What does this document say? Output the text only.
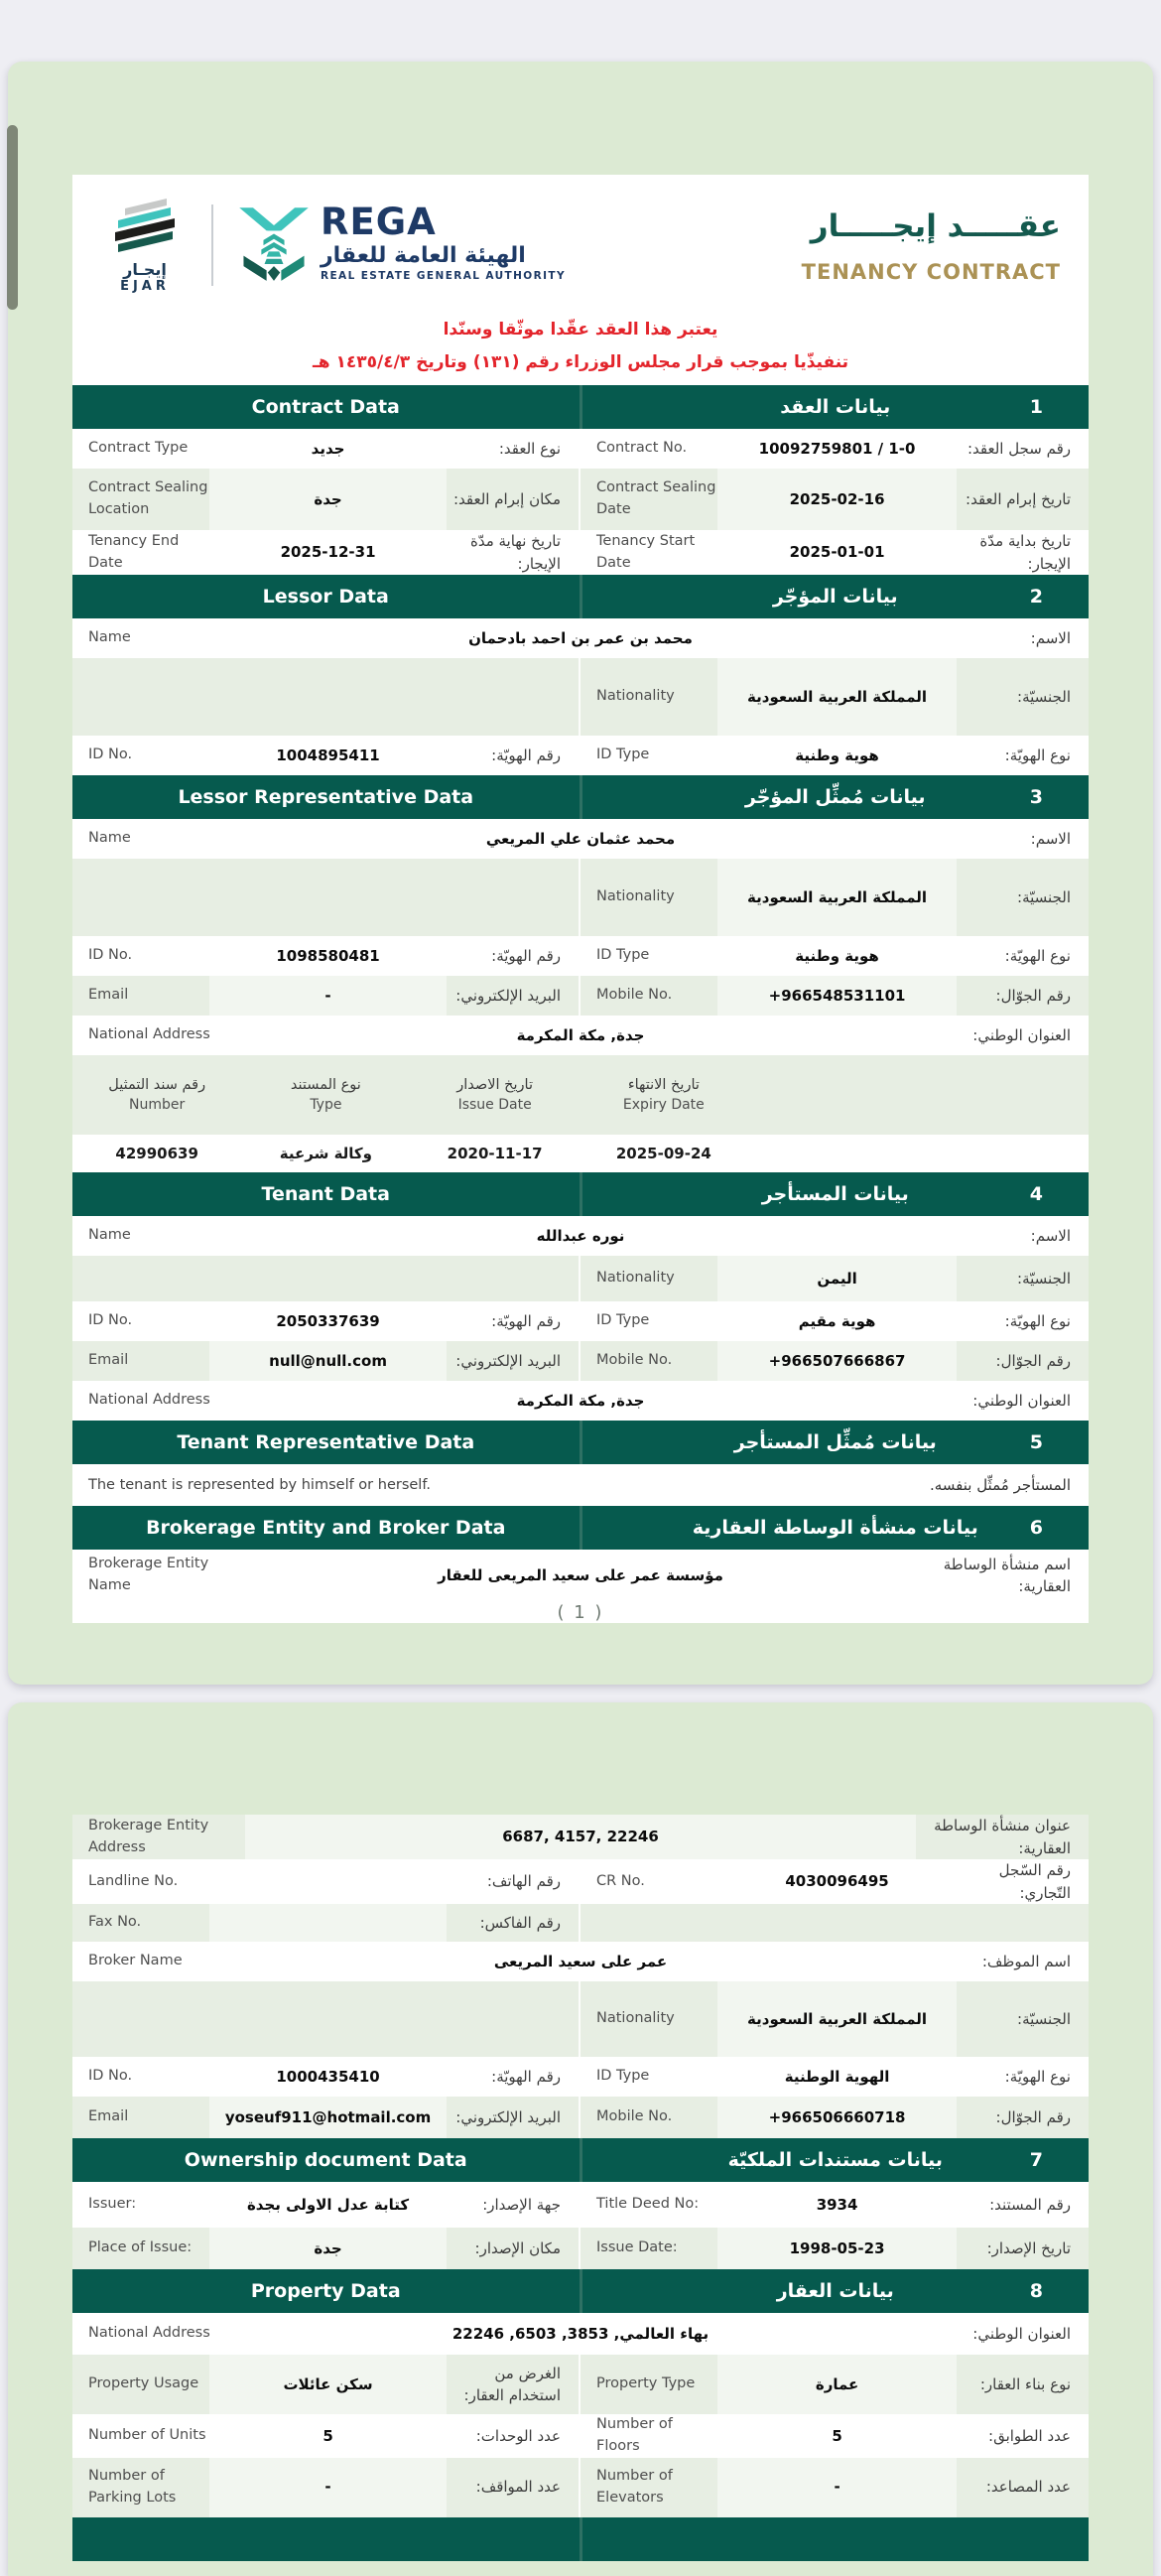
إيجـار
EJAR
REGA
الهيئة العامة للعقار
REAL ESTATE GENERAL AUTHORITY
عقـــــد إيجـــــار
TENANCY CONTRACT
يعتبر هذا العقد عقّدا موثّقا وسنّدا
تنفيذّيا بموجب قرار مجلس الوزراء رقم (١٣١) وتاريخ ١٤٣٥/٤/٣ هـ
1
بيانات العقد
Contract Data
رقم سجل العقد:
10092759801 / 1-0
Contract No.
نوع العقد:
جديد
Contract Type
تاريخ إبرام العقد:
2025-02-16
Contract Sealing Date
مكان إبرام العقد:
جدة
Contract Sealing Location
تاريخ بداية مدّة الإيجار:
2025-01-01
Tenancy Start Date
تاريخ نهاية مدّة الإيجار:
2025-12-31
Tenancy End Date
2
بيانات المؤجّر
Lessor Data
الاسم:
محمد بن عمر بن احمد بادحمان
Name
الجنسيّة:
المملكة العربية السعودية
Nationality
نوع الهويّة:
هوية وطنية
ID Type
رقم الهويّة:
1004895411
ID No.
3
بيانات مُمثِّل المؤجّر
Lessor Representative Data
الاسم:
محمد عثمان علي المريعي
Name
الجنسيّة:
المملكة العربية السعودية
Nationality
نوع الهويّة:
هوية وطنية
ID Type
رقم الهويّة:
1098580481
ID No.
رقم الجوّال:
+966548531101
Mobile No.
البريد الإلكتروني:
-
Email
العنوان الوطني:
جدة, مكة المكرمة
National Address
تاريخ الانتهاء
Expiry Date
تاريخ الاصدار
Issue Date
نوع المستند
Type
رقم سند التمثيل
Number
2025-09-24
2020-11-17
وكالة شرعية
42990639
4
بيانات المستأجر
Tenant Data
الاسم:
نوره عبدالله
Name
الجنسيّة:
اليمن
Nationality
نوع الهويّة:
هوية مقيم
ID Type
رقم الهويّة:
2050337639
ID No.
رقم الجوّال:
+966507666867
Mobile No.
البريد الإلكتروني:
null@null.com
Email
العنوان الوطني:
جدة, مكة المكرمة
National Address
5
بيانات مُمثِّل المستأجر
Tenant Representative Data
المستأجر مُمثِّل بنفسه.
The tenant is represented by himself or herself.
6
بيانات منشأة الوساطة العقارية
Brokerage Entity and Broker Data
اسم منشأة الوساطة العقارية:
مؤسسة عمر على سعيد المريعى للعقار
Brokerage Entity Name
( 1 )
عنوان منشأة الوساطة العقارية:
6687, 4157, 22246
Brokerage Entity Address
رقم السّجل التّجاري:
4030096495
CR No.
رقم الهاتف:
Landline No.
رقم الفاكس:
Fax No.
اسم الموظف:
عمر على سعيد المريعى
Broker Name
الجنسيّة:
المملكة العربية السعودية
Nationality
نوع الهويّة:
الهوية الوطنية
ID Type
رقم الهويّة:
1000435410
ID No.
رقم الجوّال:
+966506660718
Mobile No.
البريد الإلكتروني:
yoseuf911@hotmail.com
Email
7
بيانات مستندات الملكيّة
Ownership document Data
رقم المستند:
3934
Title Deed No:
جهة الإصدار:
كتابة عدل الاولى بجدة
Issuer:
تاريخ الإصدار:
1998-05-23
Issue Date:
مكان الإصدار:
جدة
Place of Issue:
8
بيانات العقار
Property Data
العنوان الوطني:
بهاء العالمي, 3853, 6503, 22246
National Address
نوع بناء العقار:
عمارة
Property Type
الغرض من استخدام العقار:
سكن عائلات
Property Usage
عدد الطوابق:
5
Number of Floors
عدد الوحدات:
5
Number of Units
عدد المصاعد:
-
Number of Elevators
عدد المواقف:
-
Number of Parking Lots
